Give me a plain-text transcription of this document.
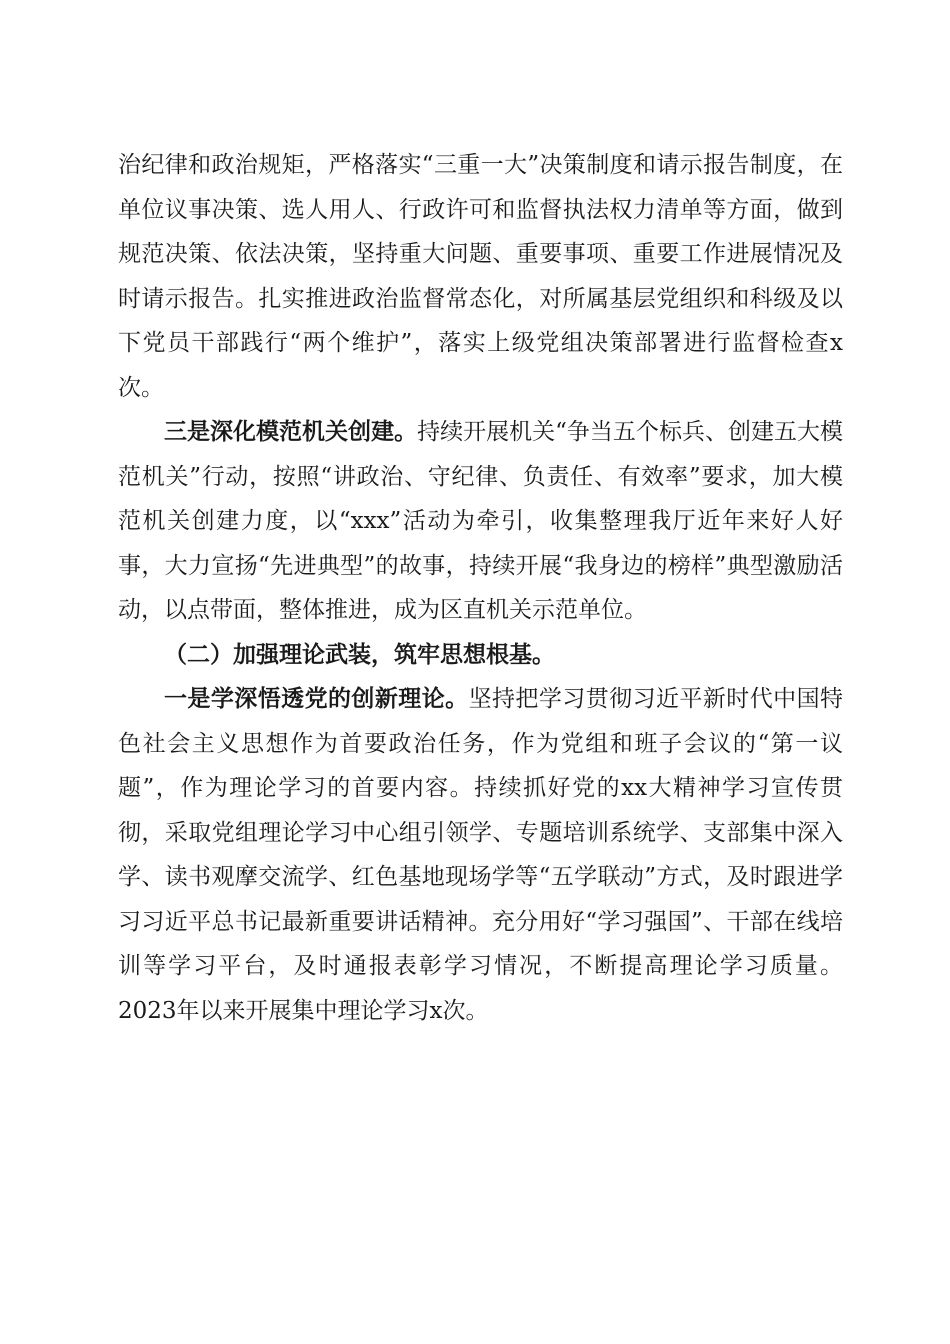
治纪律和政治规矩，严格落实“三重一大”决策制度和请示报告制度，在单位议事决策、选人用人、行政许可和监督执法权力清单等方面，做到规范决策、依法决策，坚持重大问题、重要事项、重要工作进展情况及时请示报告。扎实推进政治监督常态化，对所属基层党组织和科级及以下党员干部践行“两个维护”，落实上级党组决策部署进行监督检查x次。

三是深化模范机关创建。持续开展机关“争当五个标兵、创建五大模范机关”行动，按照“讲政治、守纪律、负责任、有效率”要求，加大模范机关创建力度，以“xxx”活动为牵引，收集整理我厅近年来好人好事，大力宣扬“先进典型”的故事，持续开展“我身边的榜样”典型激励活动，以点带面，整体推进，成为区直机关示范单位。

（二）加强理论武装，筑牢思想根基。

一是学深悟透党的创新理论。坚持把学习贯彻习近平新时代中国特色社会主义思想作为首要政治任务，作为党组和班子会议的“第一议题”，作为理论学习的首要内容。持续抓好党的xx大精神学习宣传贯彻，采取党组理论学习中心组引领学、专题培训系统学、支部集中深入学、读书观摩交流学、红色基地现场学等“五学联动”方式，及时跟进学习习近平总书记最新重要讲话精神。充分用好“学习强国”、干部在线培训等学习平台，及时通报表彰学习情况，不断提高理论学习质量。2023年以来开展集中理论学习x次。
